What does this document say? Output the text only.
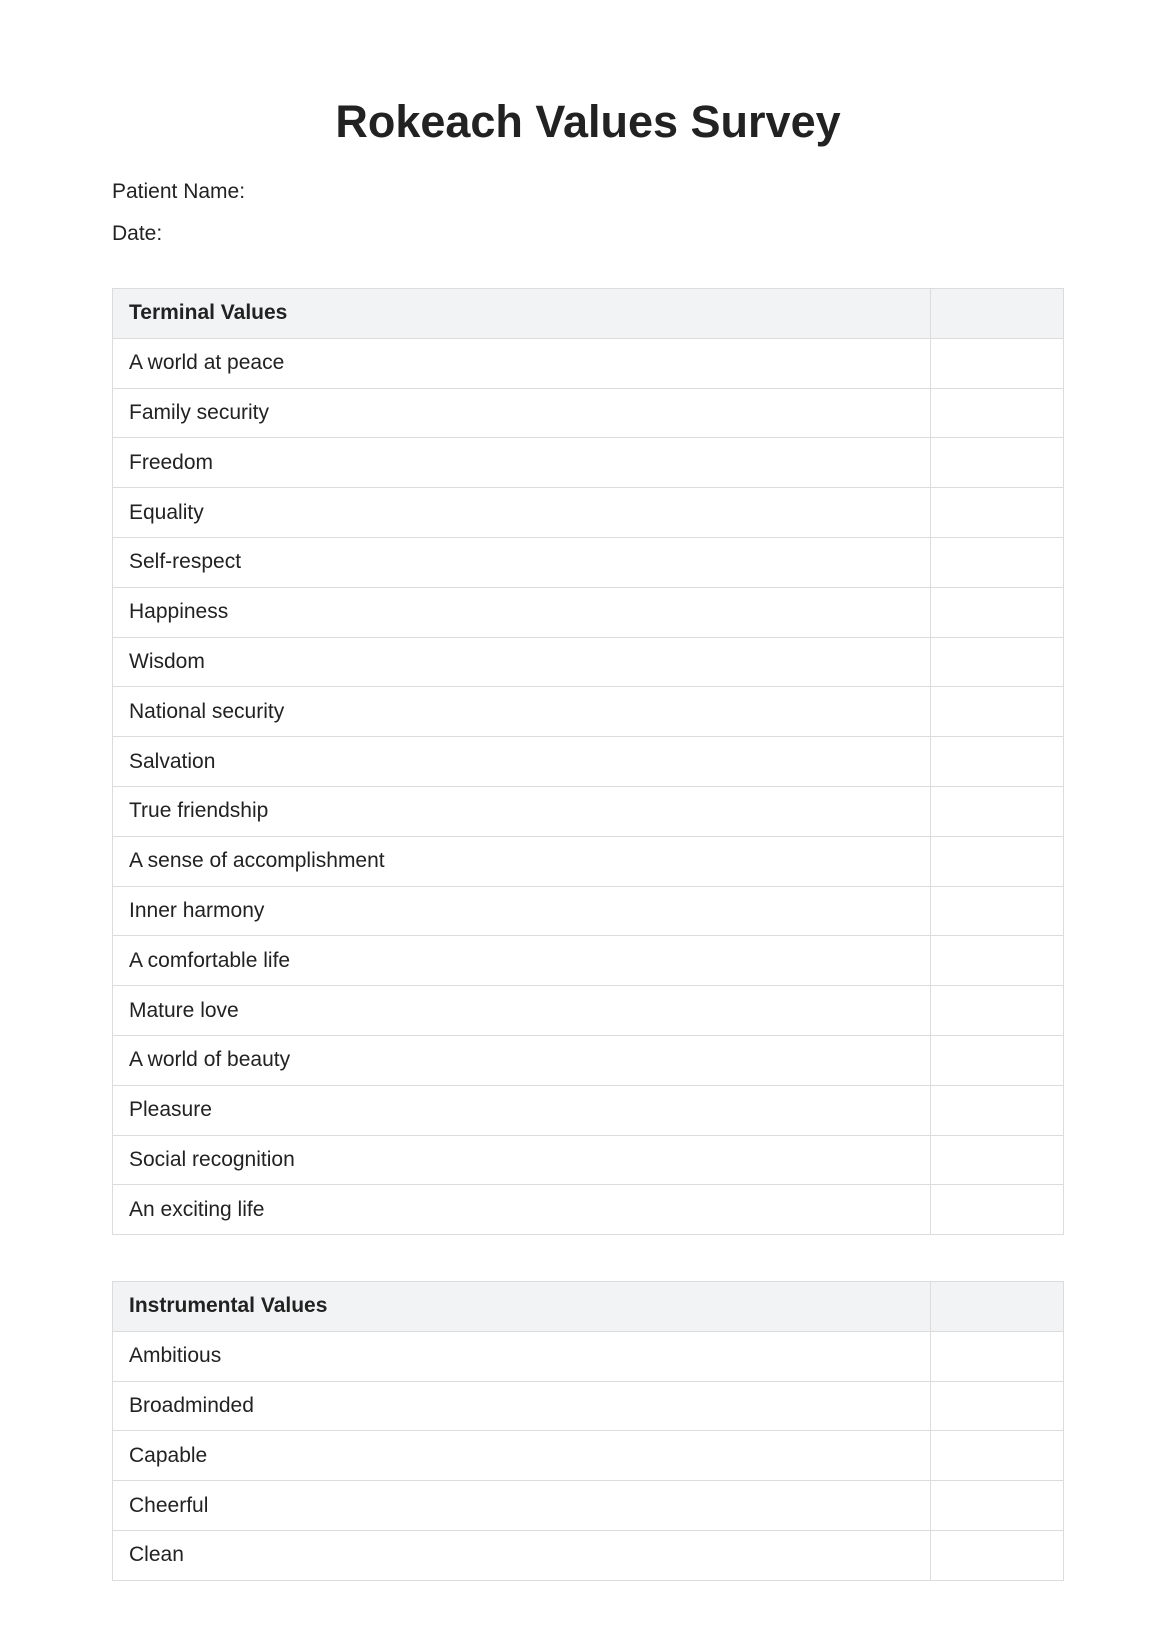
Rokeach Values Survey
Patient Name:
Date:
Terminal Values	
A world at peace	
Family security	
Freedom	
Equality	
Self-respect	
Happiness	
Wisdom	
National security	
Salvation	
True friendship	
A sense of accomplishment	
Inner harmony	
A comfortable life	
Mature love	
A world of beauty	
Pleasure	
Social recognition	
An exciting life	
Instrumental Values	
Ambitious	
Broadminded	
Capable	
Cheerful	
Clean	
